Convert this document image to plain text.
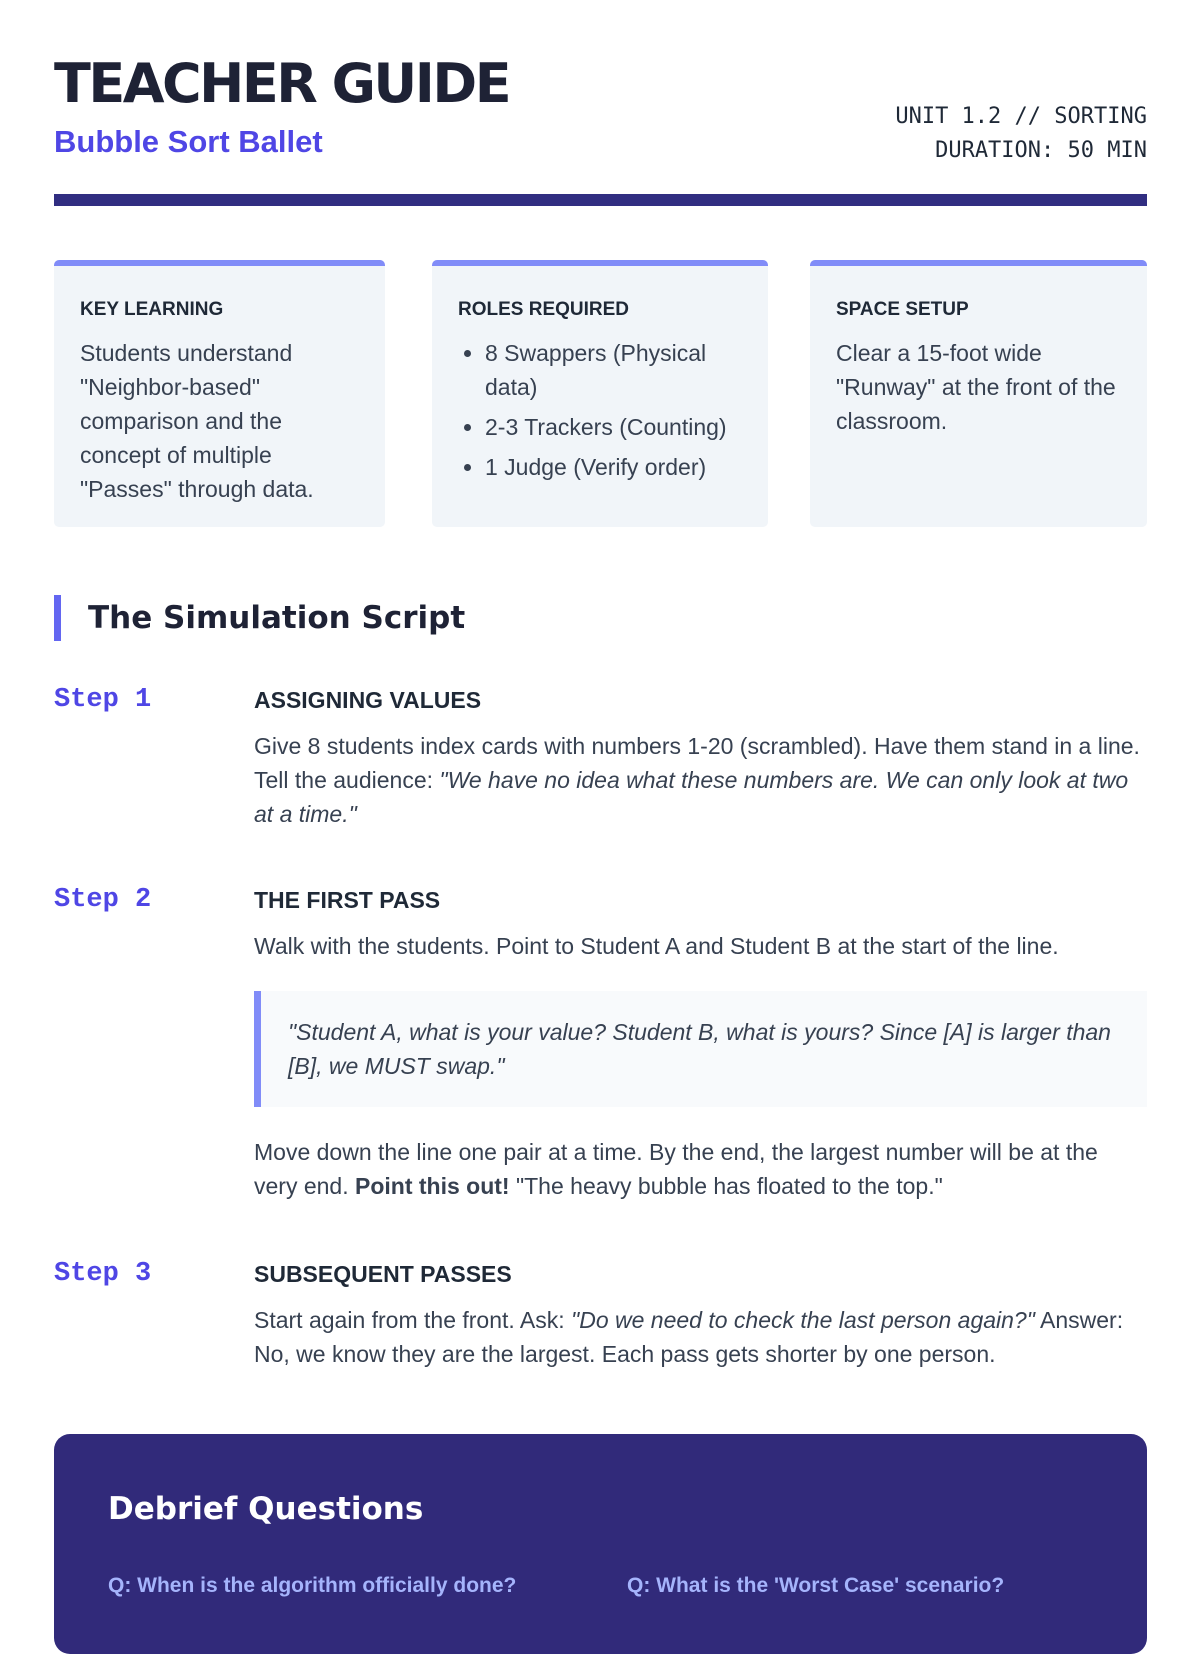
TEACHER GUIDE
Bubble Sort Ballet
UNIT 1.2 // SORTING
DURATION: 50 MIN

KEY LEARNING

Students understand "Neighbor-based" comparison and the concept of multiple "Passes" through data.

ROLES REQUIRED

• 8 Swappers (Physical data)
• 2-3 Trackers (Counting)
• 1 Judge (Verify order)

SPACE SETUP

Clear a 15-foot wide "Runway" at the front of the classroom.

The Simulation Script
Step 1	ASSIGNING VALUES

Give 8 students index cards with numbers 1-20 (scrambled). Have them stand in a line. Tell the audience: "We have no idea what these numbers are. We can only look at two at a time."

Step 2	THE FIRST PASS

Walk with the students. Point to Student A and Student B at the start of the line.

"Student A, what is your value? Student B, what is yours? Since [A] is larger than [B], we MUST swap."

Move down the line one pair at a time. By the end, the largest number will be at the very end. Point this out! "The heavy bubble has floated to the top."

Step 3	SUBSEQUENT PASSES

Start again from the front. Ask: "Do we need to check the last person again?" Answer: No, we know they are the largest. Each pass gets shorter by one person.

Debrief Questions
Q: When is the algorithm officially done?	Q: What is the 'Worst Case' scenario?
